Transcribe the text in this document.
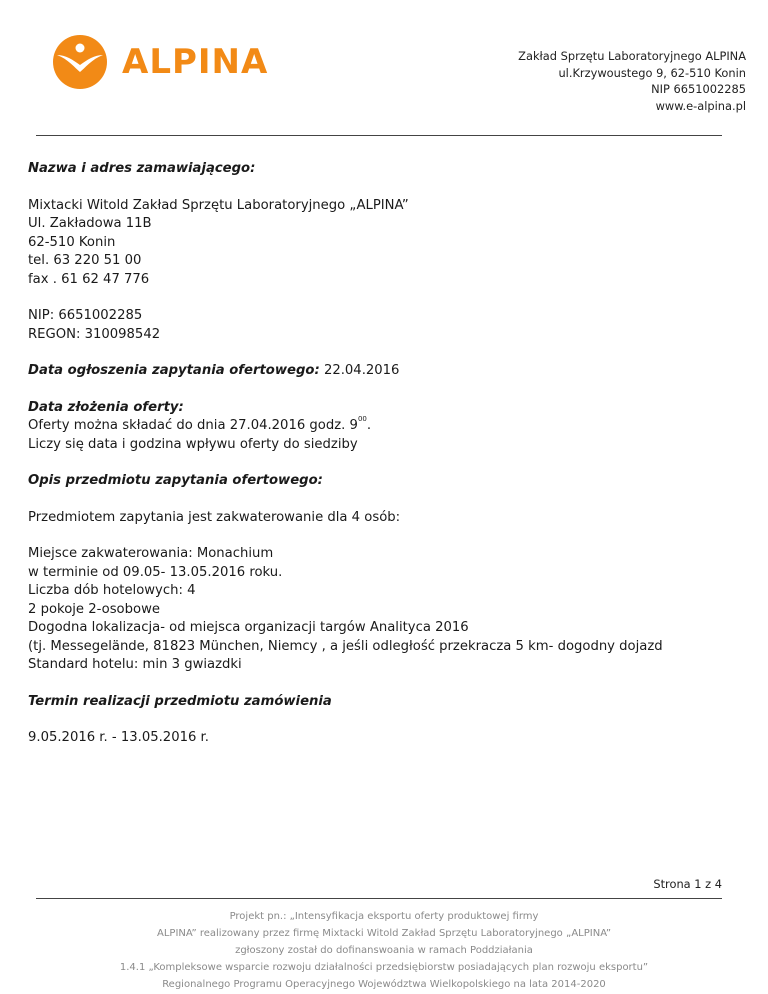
ALPINA	Zakład Sprzętu Laboratoryjnego ALPINA
ul.Krzywoustego 9, 62-510 Konin
NIP 6651002285
www.e-alpina.pl

Nazwa i adres zamawiającego:

Mixtacki Witold Zakład Sprzętu Laboratoryjnego „ALPINA”

Ul. Zakładowa 11B

62-510 Konin

tel. 63 220 51 00

fax . 61 62 47 776

NIP: 6651002285

REGON: 310098542

Data ogłoszenia zapytania ofertowego: 22.04.2016

Data złożenia oferty:

Oferty można składać do dnia 27.04.2016 godz. $9^{00}$.

Liczy się data i godzina wpływu oferty do siedziby

Opis przedmiotu zapytania ofertowego:

Przedmiotem zapytania jest zakwaterowanie dla 4 osób:

Miejsce zakwaterowania: Monachium

w terminie od 09.05- 13.05.2016 roku.

Liczba dób hotelowych: 4

2 pokoje 2-osobowe

Dogodna lokalizacja- od miejsca organizacji targów Analityca 2016

(tj. Messegelände, 81823 München, Niemcy , a jeśli odległość przekracza 5 km- dogodny dojazd

Standard hotelu: min 3 gwiazdki

Termin realizacji przedmiotu zamówienia

9.05.2016 r. - 13.05.2016 r.

Strona 1 z 4
Projekt pn.: „Intensyfikacja eksportu oferty produktowej firmy
ALPINA” realizowany przez firmę Mixtacki Witold Zakład Sprzętu Laboratoryjnego „ALPINA”
zgłoszony został do dofinanswoania w ramach Poddziałania
1.4.1 „Kompleksowe wsparcie rozwoju działalności przedsiębiorstw posiadających plan rozwoju eksportu”
Regionalnego Programu Operacyjnego Województwa Wielkopolskiego na lata 2014-2020
